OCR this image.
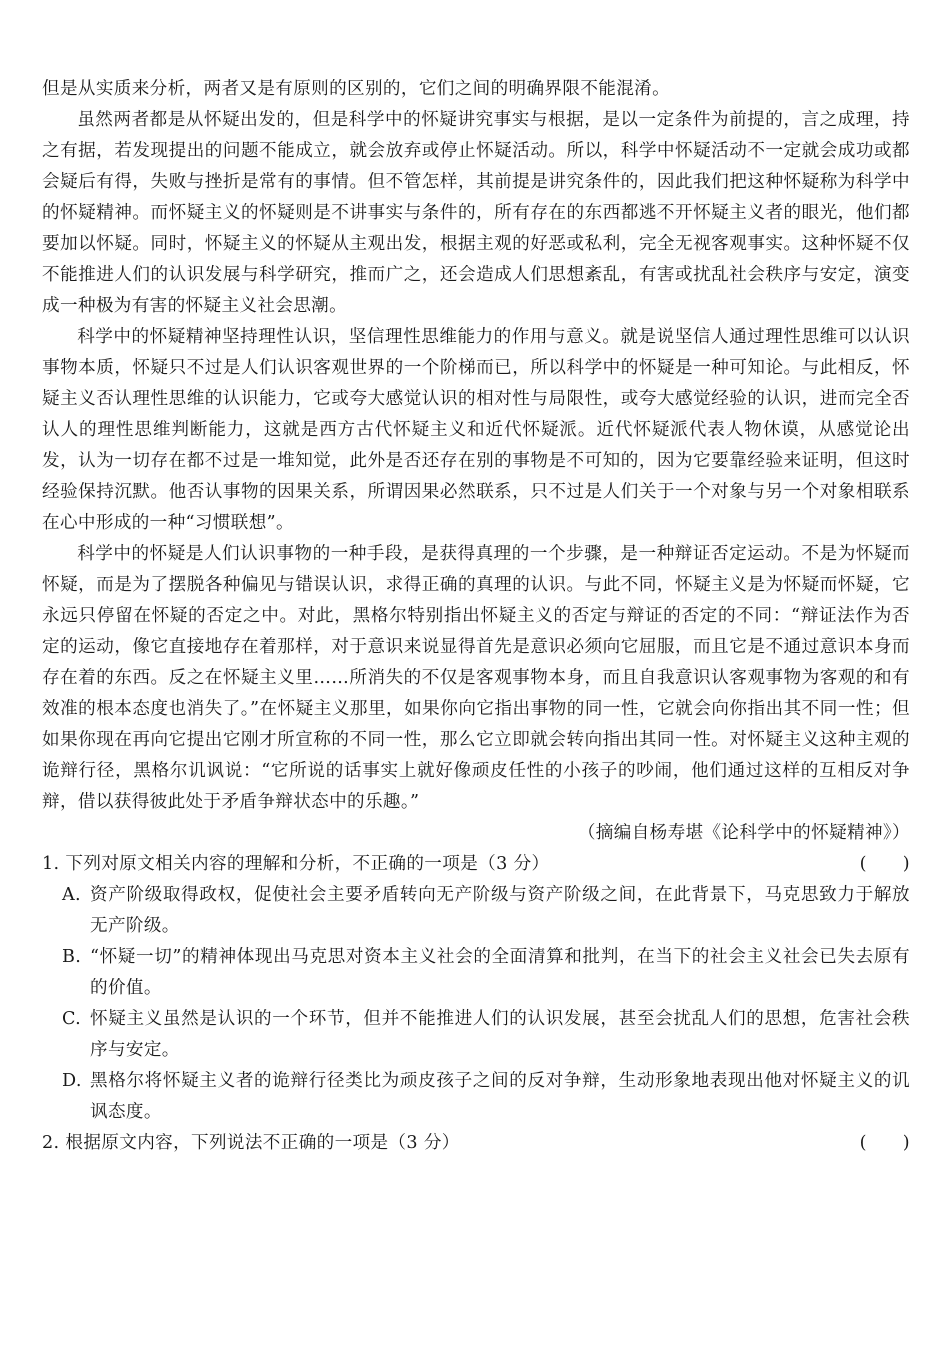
但是从实质来分析，两者又是有原则的区别的，它们之间的明确界限不能混淆。

虽然两者都是从怀疑出发的，但是科学中的怀疑讲究事实与根据，是以一定条件为前提的，言之成理，持之有据，若发现提出的问题不能成立，就会放弃或停止怀疑活动。所以，科学中怀疑活动不一定就会成功或都会疑后有得，失败与挫折是常有的事情。但不管怎样，其前提是讲究条件的，因此我们把这种怀疑称为科学中的怀疑精神。而怀疑主义的怀疑则是不讲事实与条件的，所有存在的东西都逃不开怀疑主义者的眼光，他们都要加以怀疑。同时，怀疑主义的怀疑从主观出发，根据主观的好恶或私利，完全无视客观事实。这种怀疑不仅不能推进人们的认识发展与科学研究，推而广之，还会造成人们思想紊乱，有害或扰乱社会秩序与安定，演变成一种极为有害的怀疑主义社会思潮。

科学中的怀疑精神坚持理性认识，坚信理性思维能力的作用与意义。就是说坚信人通过理性思维可以认识事物本质，怀疑只不过是人们认识客观世界的一个阶梯而已，所以科学中的怀疑是一种可知论。与此相反，怀疑主义否认理性思维的认识能力，它或夸大感觉认识的相对性与局限性，或夸大感觉经验的认识，进而完全否认人的理性思维判断能力，这就是西方古代怀疑主义和近代怀疑派。近代怀疑派代表人物休谟，从感觉论出发，认为一切存在都不过是一堆知觉，此外是否还存在别的事物是不可知的，因为它要靠经验来证明，但这时经验保持沉默。他否认事物的因果关系，所谓因果必然联系，只不过是人们关于一个对象与另一个对象相联系在心中形成的一种“习惯联想”。

科学中的怀疑是人们认识事物的一种手段，是获得真理的一个步骤，是一种辩证否定运动。不是为怀疑而怀疑，而是为了摆脱各种偏见与错误认识，求得正确的真理的认识。与此不同，怀疑主义是为怀疑而怀疑，它永远只停留在怀疑的否定之中。对此，黑格尔特别指出怀疑主义的否定与辩证的否定的不同：“辩证法作为否定的运动，像它直接地存在着那样，对于意识来说显得首先是意识必须向它屈服，而且它是不通过意识本身而存在着的东西。反之在怀疑主义里……所消失的不仅是客观事物本身，而且自我意识认客观事物为客观的和有效准的根本态度也消失了。”在怀疑主义那里，如果你向它指出事物的同一性，它就会向你指出其不同一性；但如果你现在再向它提出它刚才所宣称的不同一性，那么它立即就会转向指出其同一性。对怀疑主义这种主观的诡辩行径，黑格尔讥讽说：“它所说的话事实上就好像顽皮任性的小孩子的吵闹，他们通过这样的互相反对争辩，借以获得彼此处于矛盾争辩状态中的乐趣。”

（摘编自杨寿堪《论科学中的怀疑精神》）

1. 下列对原文相关内容的理解和分析，不正确的一项是（3 分）	(　　)
A. 资产阶级取得政权，促使社会主要矛盾转向无产阶级与资产阶级之间，在此背景下，马克思致力于解放无产阶级。
B. “怀疑一切”的精神体现出马克思对资本主义社会的全面清算和批判，在当下的社会主义社会已失去原有的价值。
C. 怀疑主义虽然是认识的一个环节，但并不能推进人们的认识发展，甚至会扰乱人们的思想，危害社会秩序与安定。
D. 黑格尔将怀疑主义者的诡辩行径类比为顽皮孩子之间的反对争辩，生动形象地表现出他对怀疑主义的讥讽态度。
2. 根据原文内容，下列说法不正确的一项是（3 分）	(　　)
